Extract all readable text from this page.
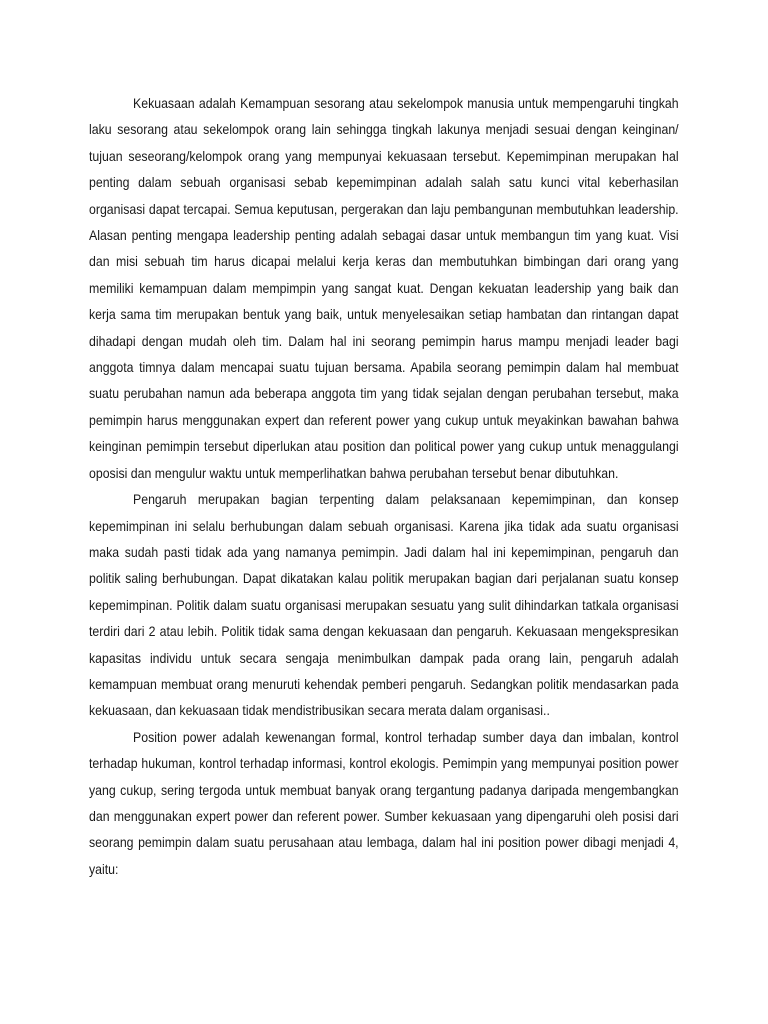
Kekuasaan adalah Kemampuan sesorang atau sekelompok manusia untuk mempengaruhi tingkah laku sesorang atau sekelompok orang lain sehingga tingkah lakunya menjadi sesuai dengan keinginan/ tujuan seseorang/kelompok orang yang mempunyai kekuasaan tersebut. Kepemimpinan merupakan hal penting dalam sebuah organisasi sebab kepemimpinan adalah salah satu kunci vital keberhasilan organisasi dapat tercapai. Semua keputusan, pergerakan dan laju pembangunan membutuhkan leadership. Alasan penting mengapa leadership penting adalah sebagai dasar untuk membangun tim yang kuat. Visi dan misi sebuah tim harus dicapai melalui kerja keras dan membutuhkan bimbingan dari orang yang memiliki kemampuan dalam mempimpin yang sangat kuat. Dengan kekuatan leadership yang baik dan kerja sama tim merupakan bentuk yang baik, untuk menyelesaikan setiap hambatan dan rintangan dapat dihadapi dengan mudah oleh tim. Dalam hal ini seorang pemimpin harus mampu menjadi leader bagi anggota timnya dalam mencapai suatu tujuan bersama. Apabila seorang pemimpin dalam hal membuat suatu perubahan namun ada beberapa anggota tim yang tidak sejalan dengan perubahan tersebut, maka pemimpin harus menggunakan expert dan referent power yang cukup untuk meyakinkan bawahan bahwa keinginan pemimpin tersebut diperlukan atau position dan political power yang cukup untuk menaggulangi oposisi dan mengulur waktu untuk memperlihatkan bahwa perubahan tersebut benar dibutuhkan.

Pengaruh merupakan bagian terpenting dalam pelaksanaan kepemimpinan, dan konsep kepemimpinan ini selalu berhubungan dalam sebuah organisasi. Karena jika tidak ada suatu organisasi maka sudah pasti tidak ada yang namanya pemimpin. Jadi dalam hal ini kepemimpinan, pengaruh dan politik saling berhubungan. Dapat dikatakan kalau politik merupakan bagian dari perjalanan suatu konsep kepemimpinan. Politik dalam suatu organisasi merupakan sesuatu yang sulit dihindarkan tatkala organisasi terdiri dari 2 atau lebih. Politik tidak sama dengan kekuasaan dan pengaruh. Kekuasaan mengekspresikan kapasitas individu untuk secara sengaja menimbulkan dampak pada orang lain, pengaruh adalah kemampuan membuat orang menuruti kehendak pemberi pengaruh. Sedangkan politik mendasarkan pada kekuasaan, dan kekuasaan tidak mendistribusikan secara merata dalam organisasi..

Position power adalah kewenangan formal, kontrol terhadap sumber daya dan imbalan, kontrol terhadap hukuman, kontrol terhadap informasi, kontrol ekologis. Pemimpin yang mempunyai position power yang cukup, sering tergoda untuk membuat banyak orang tergantung padanya daripada mengembangkan dan menggunakan expert power dan referent power. Sumber kekuasaan yang dipengaruhi oleh posisi dari seorang pemimpin dalam suatu perusahaan atau lembaga, dalam hal ini position power dibagi menjadi 4, yaitu:
